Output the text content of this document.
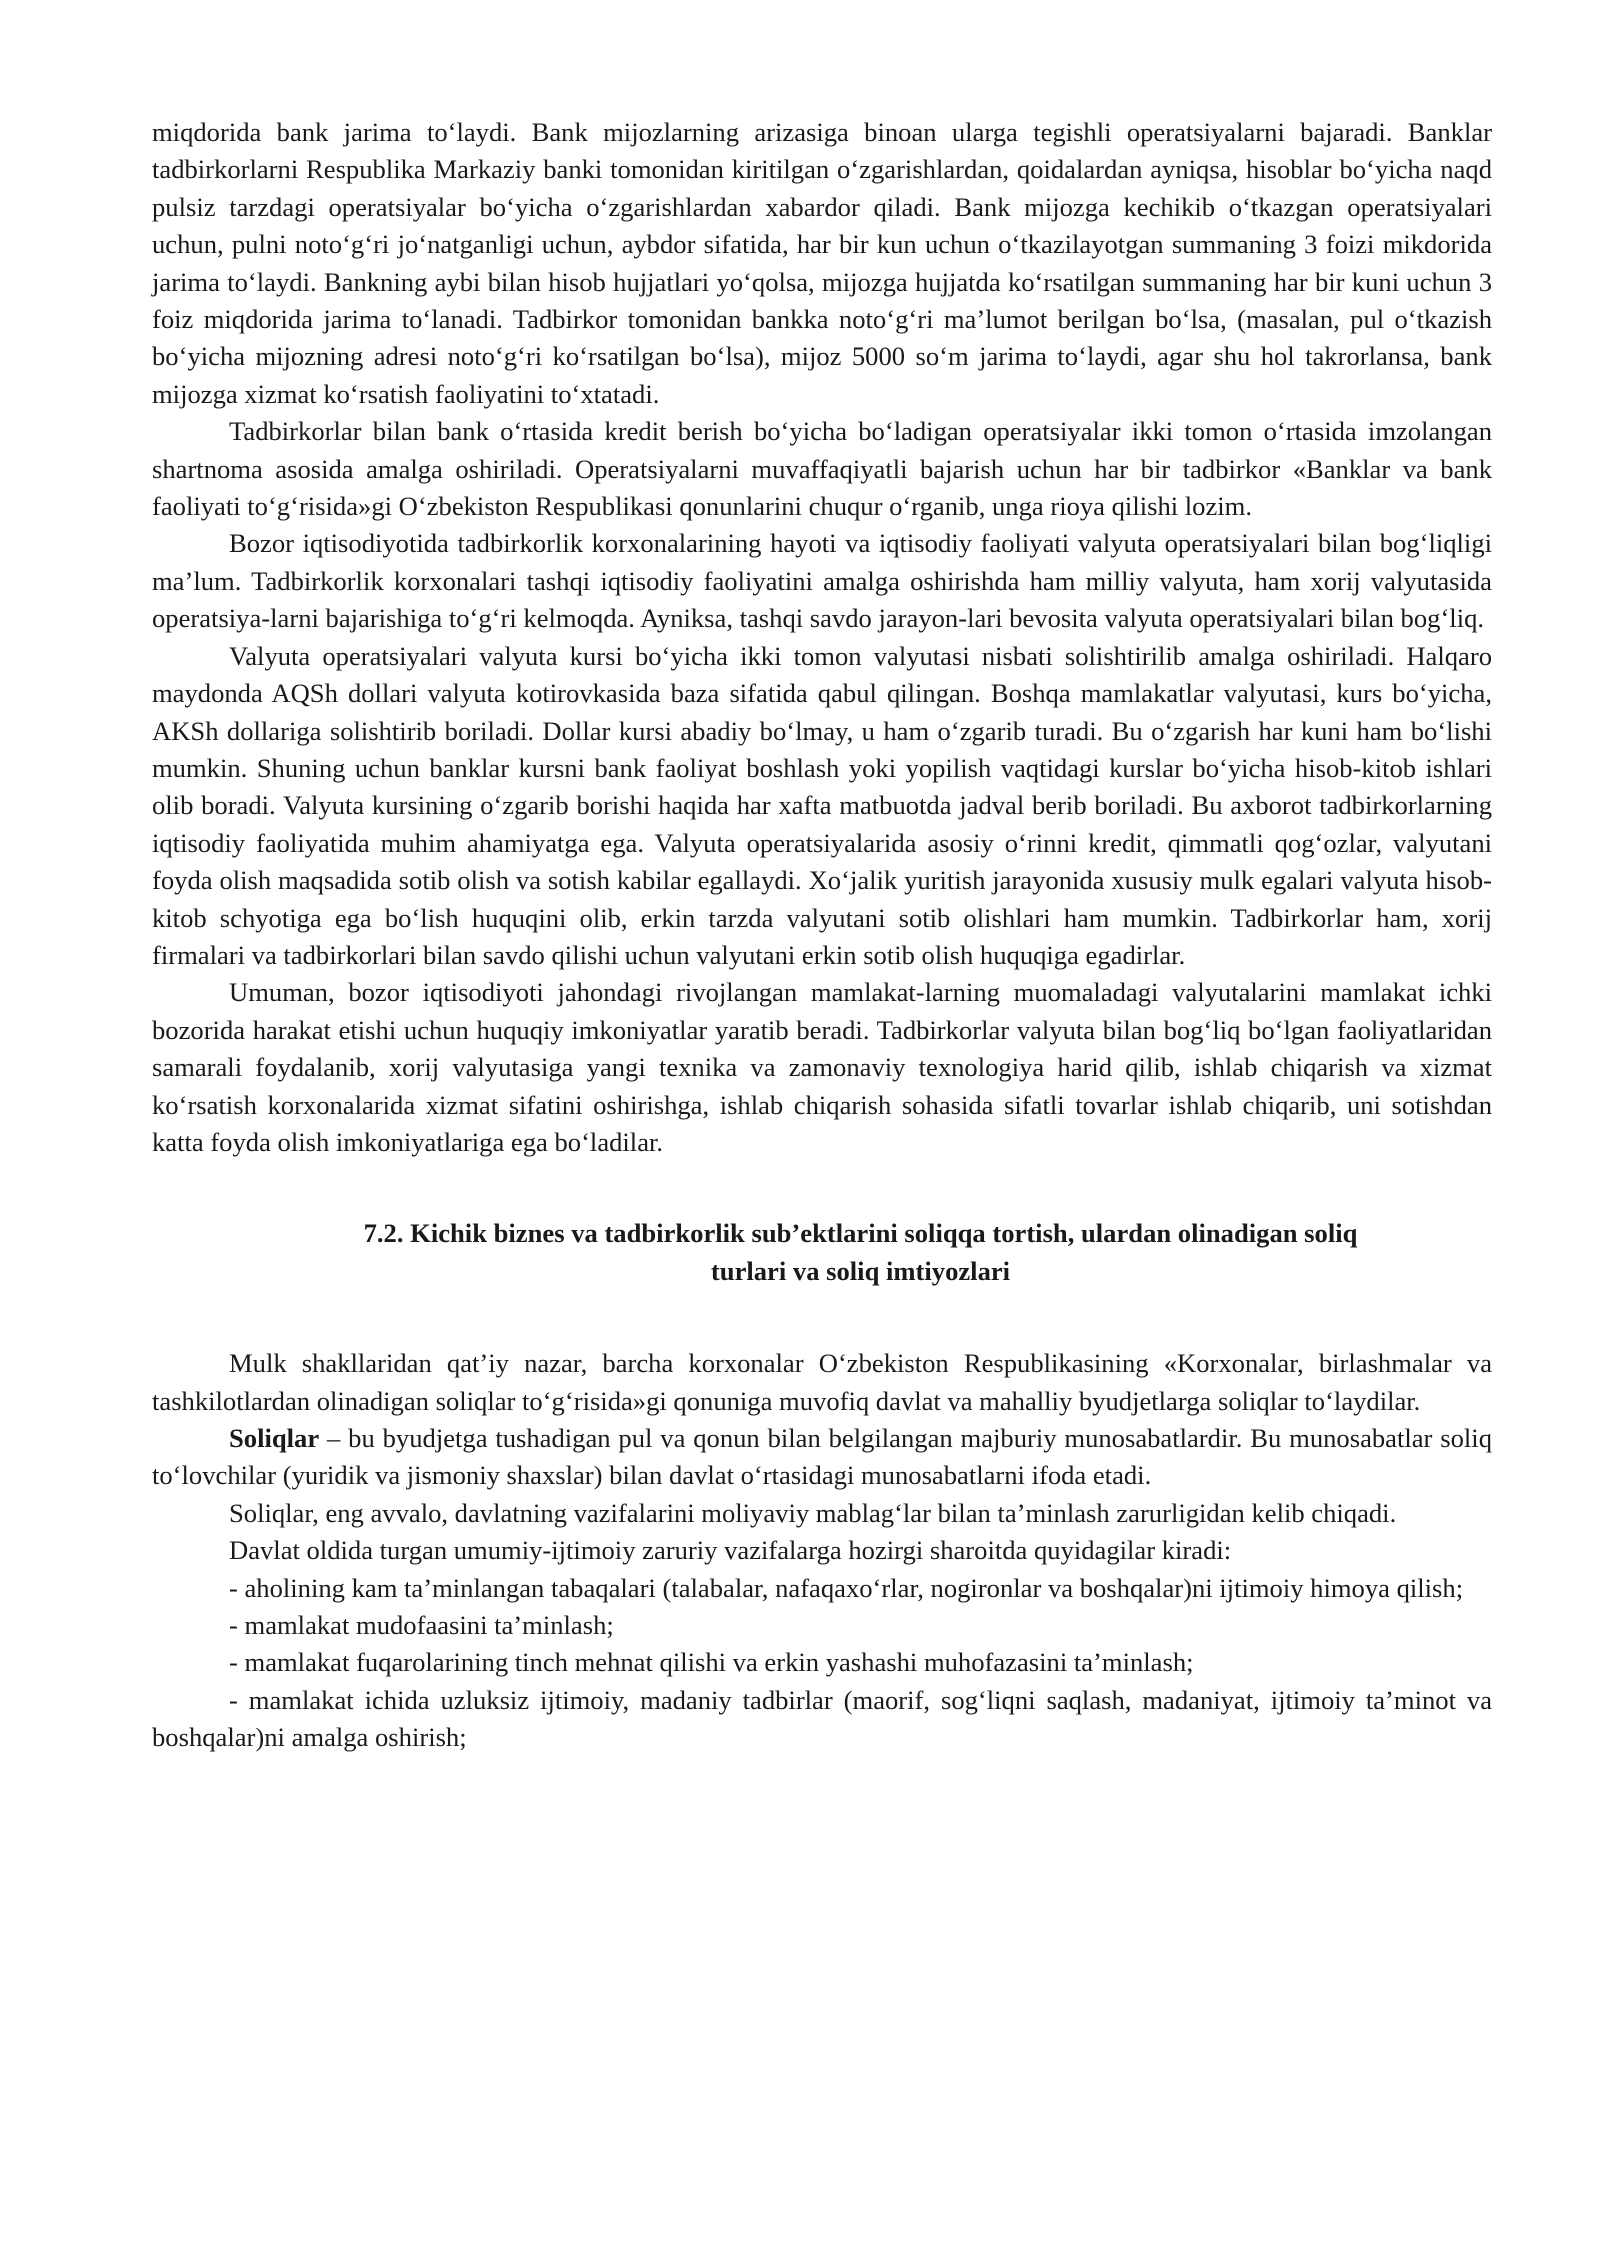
miqdorida bank jarima to‘laydi. Bank mijozlarning arizasiga binoan ularga tegishli operatsiyalarni bajaradi. Banklar tadbirkorlarni Respublika Markaziy banki tomonidan kiritilgan o‘zgarishlardan, qoidalardan ayniqsa, hisoblar bo‘yicha naqd pulsiz tarzdagi operatsiyalar bo‘yicha o‘zgarishlardan xabardor qiladi. Bank mijozga kechikib o‘tkazgan operatsiyalari uchun, pulni noto‘g‘ri jo‘natganligi uchun, aybdor sifatida, har bir kun uchun o‘tkazilayotgan summaning 3 foizi mikdorida jarima to‘laydi. Bankning aybi bilan hisob hujjatlari yo‘qolsa, mijozga hujjatda ko‘rsatilgan summaning har bir kuni uchun 3 foiz miqdorida jarima to‘lanadi. Tadbirkor tomonidan bankka noto‘g‘ri ma’lumot berilgan bo‘lsa, (masalan, pul o‘tkazish bo‘yicha mijozning adresi noto‘g‘ri ko‘rsatilgan bo‘lsa), mijoz 5000 so‘m jarima to‘laydi, agar shu hol takrorlansa, bank mijozga xizmat ko‘rsatish faoliyatini to‘xtatadi.

Tadbirkorlar bilan bank o‘rtasida kredit berish bo‘yicha bo‘ladigan operatsiyalar ikki tomon o‘rtasida imzolangan shartnoma asosida amalga oshiriladi. Operatsiyalarni muvaffaqiyatli bajarish uchun har bir tadbirkor «Banklar va bank faoliyati to‘g‘risida»gi O‘zbekiston Respublikasi qonunlarini chuqur o‘rganib, unga rioya qilishi lozim.

Bozor iqtisodiyotida tadbirkorlik korxonalarining hayoti va iqtisodiy faoliyati valyuta operatsiyalari bilan bog‘liqligi ma’lum. Tadbirkorlik korxonalari tashqi iqtisodiy faoliyatini amalga oshirishda ham milliy valyuta, ham xorij valyutasida operatsiya-larni bajarishiga to‘g‘ri kelmoqda. Ayniksa, tashqi savdo jarayon-lari bevosita valyuta operatsiyalari bilan bog‘liq.

Valyuta operatsiyalari valyuta kursi bo‘yicha ikki tomon valyutasi nisbati solishtirilib amalga oshiriladi. Halqaro maydonda AQSh dollari valyuta kotirovkasida baza sifatida qabul qilingan. Boshqa mamlakatlar valyutasi, kurs bo‘yicha, AKSh dollariga solishtirib boriladi. Dollar kursi abadiy bo‘lmay, u ham o‘zgarib turadi. Bu o‘zgarish har kuni ham bo‘lishi mumkin. Shuning uchun banklar kursni bank faoliyat boshlash yoki yopilish vaqtidagi kurslar bo‘yicha hisob-kitob ishlari olib boradi. Valyuta kursining o‘zgarib borishi haqida har xafta matbuotda jadval berib boriladi. Bu axborot tadbirkorlarning iqtisodiy faoliyatida muhim ahamiyatga ega. Valyuta operatsiyalarida asosiy o‘rinni kredit, qimmatli qog‘ozlar, valyutani foyda olish maqsadida sotib olish va sotish kabilar egallaydi. Xo‘jalik yuritish jarayonida xususiy mulk egalari valyuta hisob-kitob schyotiga ega bo‘lish huquqini olib, erkin tarzda valyutani sotib olishlari ham mumkin. Tadbirkorlar ham, xorij firmalari va tadbirkorlari bilan savdo qilishi uchun valyutani erkin sotib olish huquqiga egadirlar.

Umuman, bozor iqtisodiyoti jahondagi rivojlangan mamlakat-larning muomaladagi valyutalarini mamlakat ichki bozorida harakat etishi uchun huquqiy imkoniyatlar yaratib beradi. Tadbirkorlar valyuta bilan bog‘liq bo‘lgan faoliyatlaridan samarali foydalanib, xorij valyutasiga yangi texnika va zamonaviy texnologiya harid qilib, ishlab chiqarish va xizmat ko‘rsatish korxonalarida xizmat sifatini oshirishga, ishlab chiqarish sohasida sifatli tovarlar ishlab chiqarib, uni sotishdan katta foyda olish imkoniyatlariga ega bo‘ladilar.

7.2. Kichik biznes va tadbirkorlik sub’ektlarini soliqqa tortish, ulardan olinadigan soliq
turlari va soliq imtiyozlari

Mulk shakllaridan qat’iy nazar, barcha korxonalar O‘zbekiston Respublikasining «Korxonalar, birlashmalar va tashkilotlardan olinadigan soliqlar to‘g‘risida»gi qonuniga muvofiq davlat va mahalliy byudjetlarga soliqlar to‘laydilar.

Soliqlar – bu byudjetga tushadigan pul va qonun bilan belgilangan majburiy munosabatlardir. Bu munosabatlar soliq to‘lovchilar (yuridik va jismoniy shaxslar) bilan davlat o‘rtasidagi munosabatlarni ifoda etadi.

Soliqlar, eng avvalo, davlatning vazifalarini moliyaviy mablag‘lar bilan ta’minlash zarurligidan kelib chiqadi.

Davlat oldida turgan umumiy-ijtimoiy zaruriy vazifalarga hozirgi sharoitda quyidagilar kiradi:

- aholining kam ta’minlangan tabaqalari (talabalar, nafaqaxo‘rlar, nogironlar va boshqalar)ni ijtimoiy himoya qilish;

- mamlakat mudofaasini ta’minlash;

- mamlakat fuqarolarining tinch mehnat qilishi va erkin yashashi muhofazasini ta’minlash;

- mamlakat ichida uzluksiz ijtimoiy, madaniy tadbirlar (maorif, sog‘liqni saqlash, madaniyat, ijtimoiy ta’minot va boshqalar)ni amalga oshirish;
